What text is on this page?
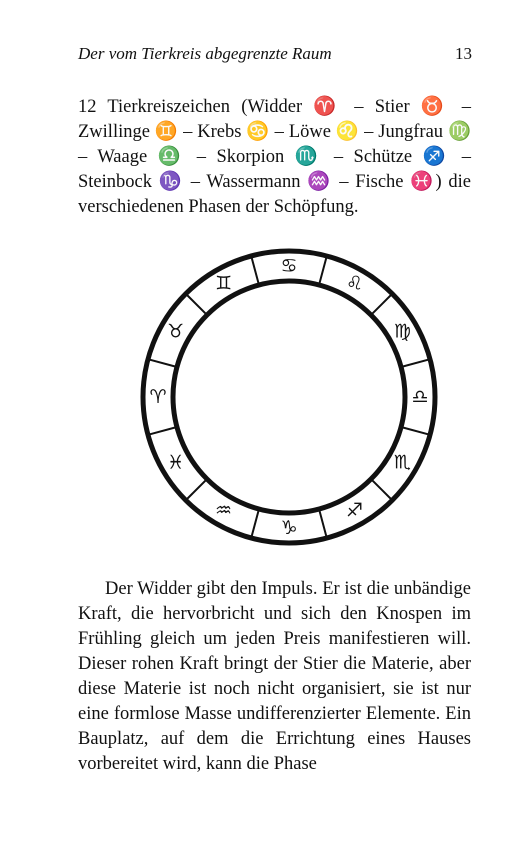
Der vom Tierkreis abgegrenzte Raum	13

12 Tierkreiszeichen (Widder ♈ – Stier ♉ – Zwillinge ♊ – Krebs ♋ – Löwe ♌ – Jungfrau ♍ – Waage ♎ – Skorpion ♏ – Schütze ♐ – Steinbock ♑ – Wassermann ♒ – Fische ♓) die verschiedenen Phasen der Schöpfung.

♈
♉
♊
♋
♌
♍
♎
♏
♐
♑
♒
♓

Der Widder gibt den Impuls. Er ist die unbändige Kraft, die hervorbricht und sich den Knospen im Frühling gleich um jeden Preis manifestieren will. Dieser rohen Kraft bringt der Stier die Materie, aber diese Materie ist noch nicht organisiert, sie ist nur eine formlose Masse undifferenzierter Elemente. Ein Bauplatz, auf dem die Errichtung eines Hauses vorbereitet wird, kann die Phase
